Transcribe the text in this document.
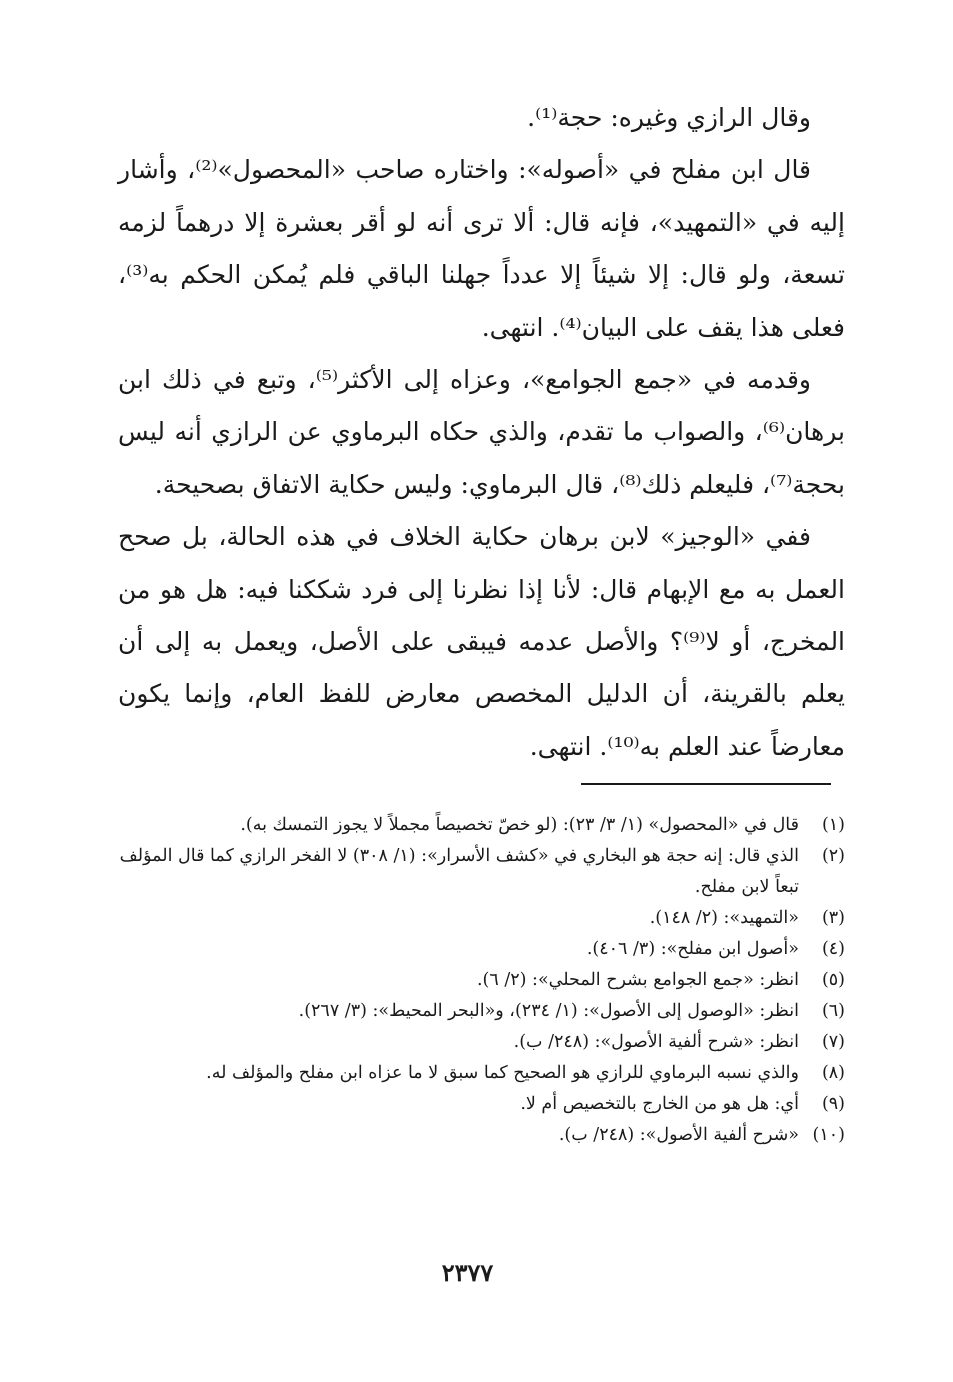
وقال الرازي وغيره: حجة⁽¹⁾.

قال ابن مفلح في «أصوله»: واختاره صاحب «المحصول»⁽²⁾، وأشار إليه في «التمهيد»، فإنه قال: ألا ترى أنه لو أقر بعشرة إلا درهماً لزمه تسعة، ولو قال: إلا شيئاً إلا عدداً جهلنا الباقي فلم يُمكن الحكم به⁽³⁾، فعلى هذا يقف على البيان⁽⁴⁾. انتهى.

وقدمه في «جمع الجوامع»، وعزاه إلى الأكثر⁽⁵⁾، وتبع في ذلك ابن برهان⁽⁶⁾، والصواب ما تقدم، والذي حكاه البرماوي عن الرازي أنه ليس بحجة⁽⁷⁾، فليعلم ذلك⁽⁸⁾، قال البرماوي: وليس حكاية الاتفاق بصحيحة.

ففي «الوجيز» لابن برهان حكاية الخلاف في هذه الحالة، بل صحح العمل به مع الإبهام قال: لأنا إذا نظرنا إلى فرد شككنا فيه: هل هو من المخرج، أو لا⁽⁹⁾؟ والأصل عدمه فيبقى على الأصل، ويعمل به إلى أن يعلم بالقرينة، أن الدليل المخصص معارض للفظ العام، وإنما يكون معارضاً عند العلم به⁽¹⁰⁾. انتهى.

(١)
قال في «المحصول» (١/ ٣/ ٢٣): (لو خصّ تخصيصاً مجملاً لا يجوز التمسك به).
(٢)
الذي قال: إنه حجة هو البخاري في «كشف الأسرار»: (١/ ٣٠٨) لا الفخر الرازي كما قال المؤلف تبعاً لابن مفلح.
(٣)
«التمهيد»: (٢/ ١٤٨).
(٤)
«أصول ابن مفلح»: (٣/ ٤٠٦).
(٥)
انظر: «جمع الجوامع بشرح المحلي»: (٢/ ٦).
(٦)
انظر: «الوصول إلى الأصول»: (١/ ٢٣٤)، و«البحر المحيط»: (٣/ ٢٦٧).
(٧)
انظر: «شرح ألفية الأصول»: (٢٤٨/ ب).
(٨)
والذي نسبه البرماوي للرازي هو الصحيح كما سبق لا ما عزاه ابن مفلح والمؤلف له.
(٩)
أي: هل هو من الخارج بالتخصيص أم لا.
(١٠)
«شرح ألفية الأصول»: (٢٤٨/ ب).
٢٣٧٧
